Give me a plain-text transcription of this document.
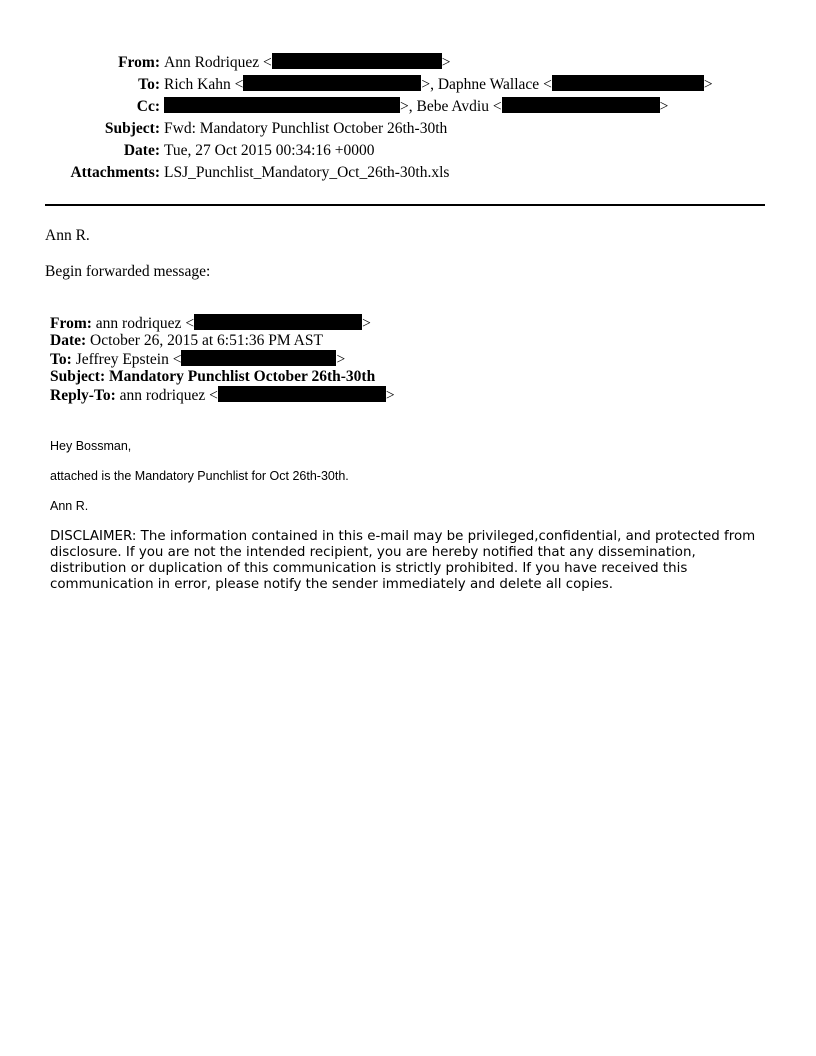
From: Ann Rodriquez <	>
To: Rich Kahn <	>, Daphne Wallace <	>
Cc:	>, Bebe Avdiu <	>
Subject: Fwd: Mandatory Punchlist October 26th-30th
Date: Tue, 27 Oct 2015 00:34:16 +0000
Attachments: LSJ_Punchlist_Mandatory_Oct_26th-30th.xls
Ann R.
Begin forwarded message:
From: ann rodriquez <	>
Date: October 26, 2015 at 6:51:36 PM AST
To: Jeffrey Epstein <	>
Subject: Mandatory Punchlist October 26th-30th
Reply-To: ann rodriquez <	>
Hey Bossman,
attached is the Mandatory Punchlist for Oct 26th-30th.
Ann R.
DISCLAIMER: The information contained in this e-mail may be privileged,confidential, and protected from
disclosure. If you are not the intended recipient, you are hereby notified that any dissemination,
distribution or duplication of this communication is strictly prohibited. If you have received this
communication in error, please notify the sender immediately and delete all copies.
